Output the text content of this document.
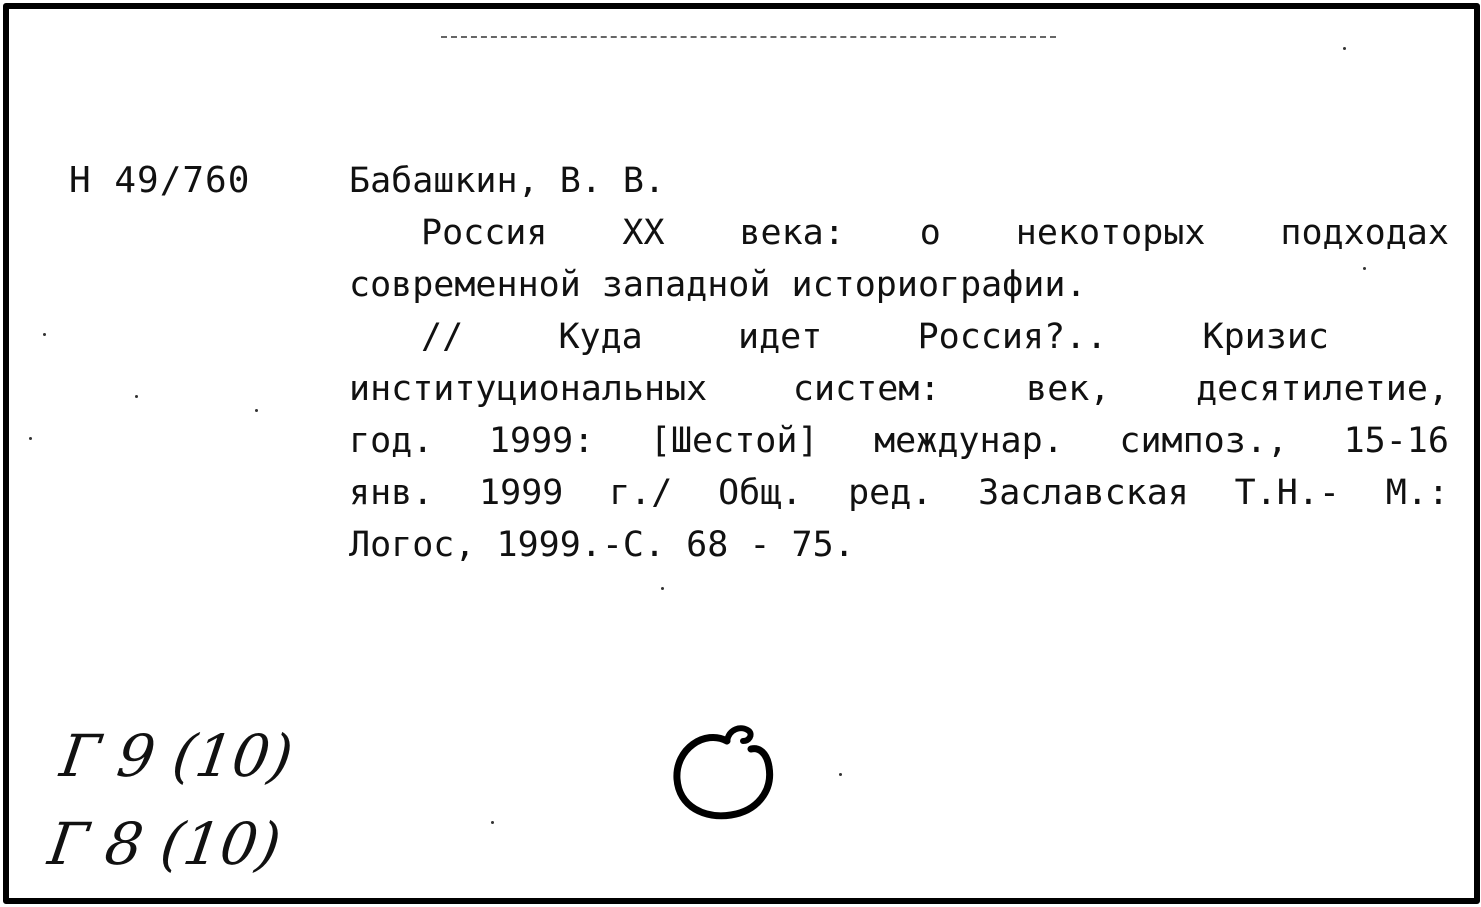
Н 49/760	Бабашкин, В. В.
Россия XX века: о некоторых подходах
современной западной историографии.
//	Куда	идет	Россия?..	Кризис
институциональных систем: век, десятилетие,
год. 1999: [Шестой] междунар. симпоз., 15-16
янв. 1999 г./ Общ. ред. Заславская Т.Н.- М.:
Логос, 1999.-С. 68 - 75.
Г 9 (10)
Г 8 (10)
